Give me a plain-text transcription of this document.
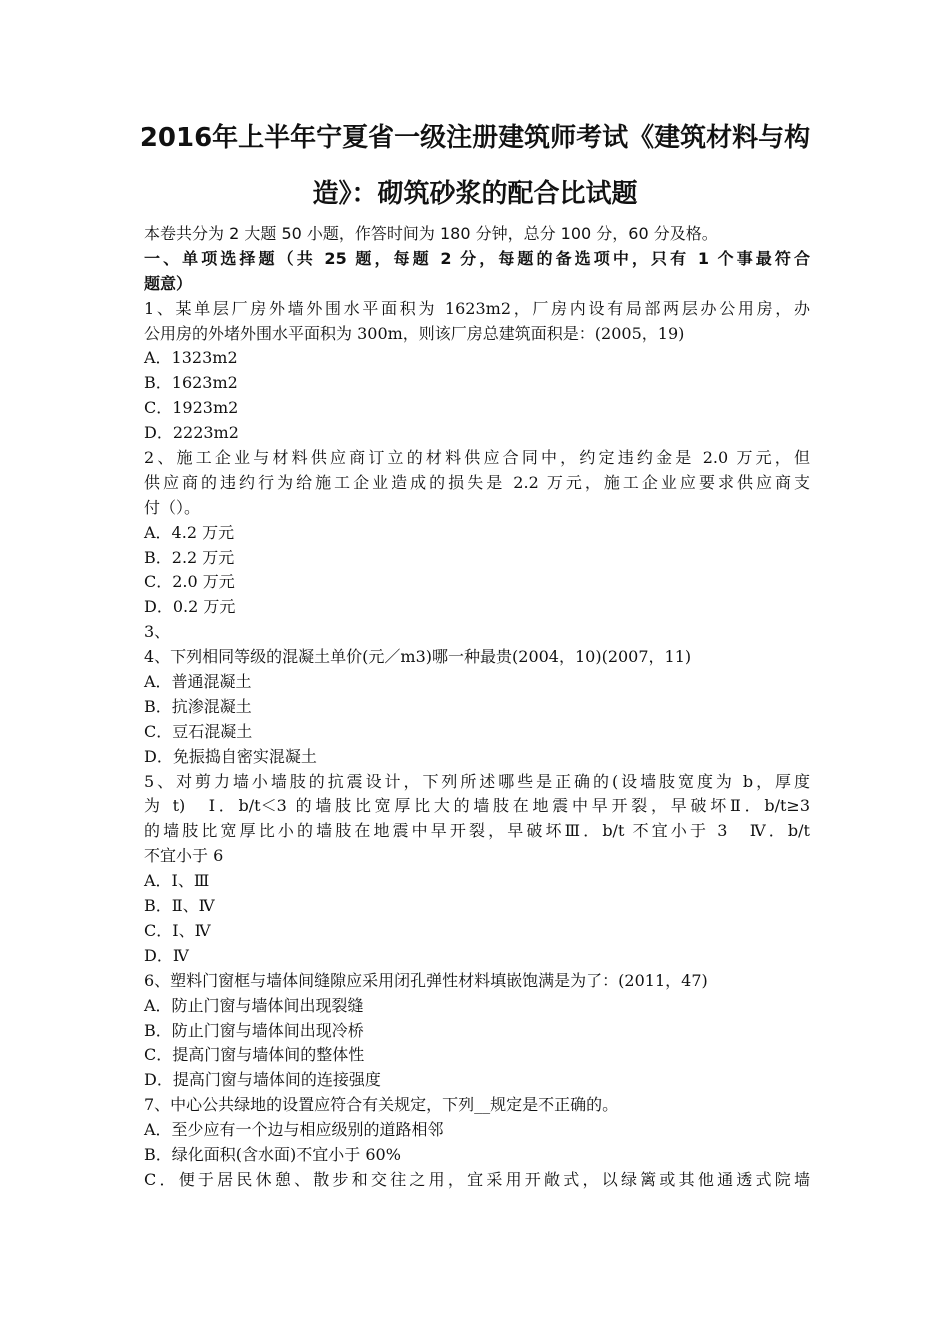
2016年上半年宁夏省一级注册建筑师考试《建筑材料与构
造》：砌筑砂浆的配合比试题
本卷共分为 2 大题 50 小题，作答时间为 180 分钟，总分 100 分，60 分及格。
一、单项选择题（共 25 题，每题 2 分，每题的备选项中，只有 1 个事最符合
题意）
1、某单层厂房外墙外围水平面积为 1623m2，厂房内设有局部两层办公用房，办
公用房的外堵外围水平面积为 300m，则该厂房总建筑面积是：(2005，19)
A．1323m2
B．1623m2
C．1923m2
D．2223m2
2、施工企业与材料供应商订立的材料供应合同中，约定违约金是 2.0 万元，但
供应商的违约行为给施工企业造成的损失是 2.2 万元，施工企业应要求供应商支
付（）。
A．4.2 万元
B．2.2 万元
C．2.0 万元
D．0.2 万元
3、
4、下列相同等级的混凝土单价(元／m3)哪一种最贵(2004，10)(2007，11)
A．普通混凝土
B．抗渗混凝土
C．豆石混凝土
D．免振捣自密实混凝土
5、对剪力墙小墙肢的抗震设计，下列所述哪些是正确的(设墙肢宽度为 b，厚度
为 t)　Ⅰ．b/t＜3 的墙肢比宽厚比大的墙肢在地震中早开裂，早破坏Ⅱ．b/t≥3
的墙肢比宽厚比小的墙肢在地震中早开裂，早破坏Ⅲ．b/t 不宜小于 3　Ⅳ．b/t
不宜小于 6
A．Ⅰ、Ⅲ
B．Ⅱ、Ⅳ
C．Ⅰ、Ⅳ
D．Ⅳ
6、塑料门窗框与墙体间缝隙应采用闭孔弹性材料填嵌饱满是为了：(2011，47)
A．防止门窗与墙体间出现裂缝
B．防止门窗与墙体间出现冷桥
C．提高门窗与墙体间的整体性
D．提高门窗与墙体间的连接强度
7、中心公共绿地的设置应符合有关规定，下列__规定是不正确的。
A．至少应有一个边与相应级别的道路相邻
B．绿化面积(含水面)不宜小于 60%
C．便于居民休憩、散步和交往之用，宜采用开敞式，以绿篱或其他通透式院墙
